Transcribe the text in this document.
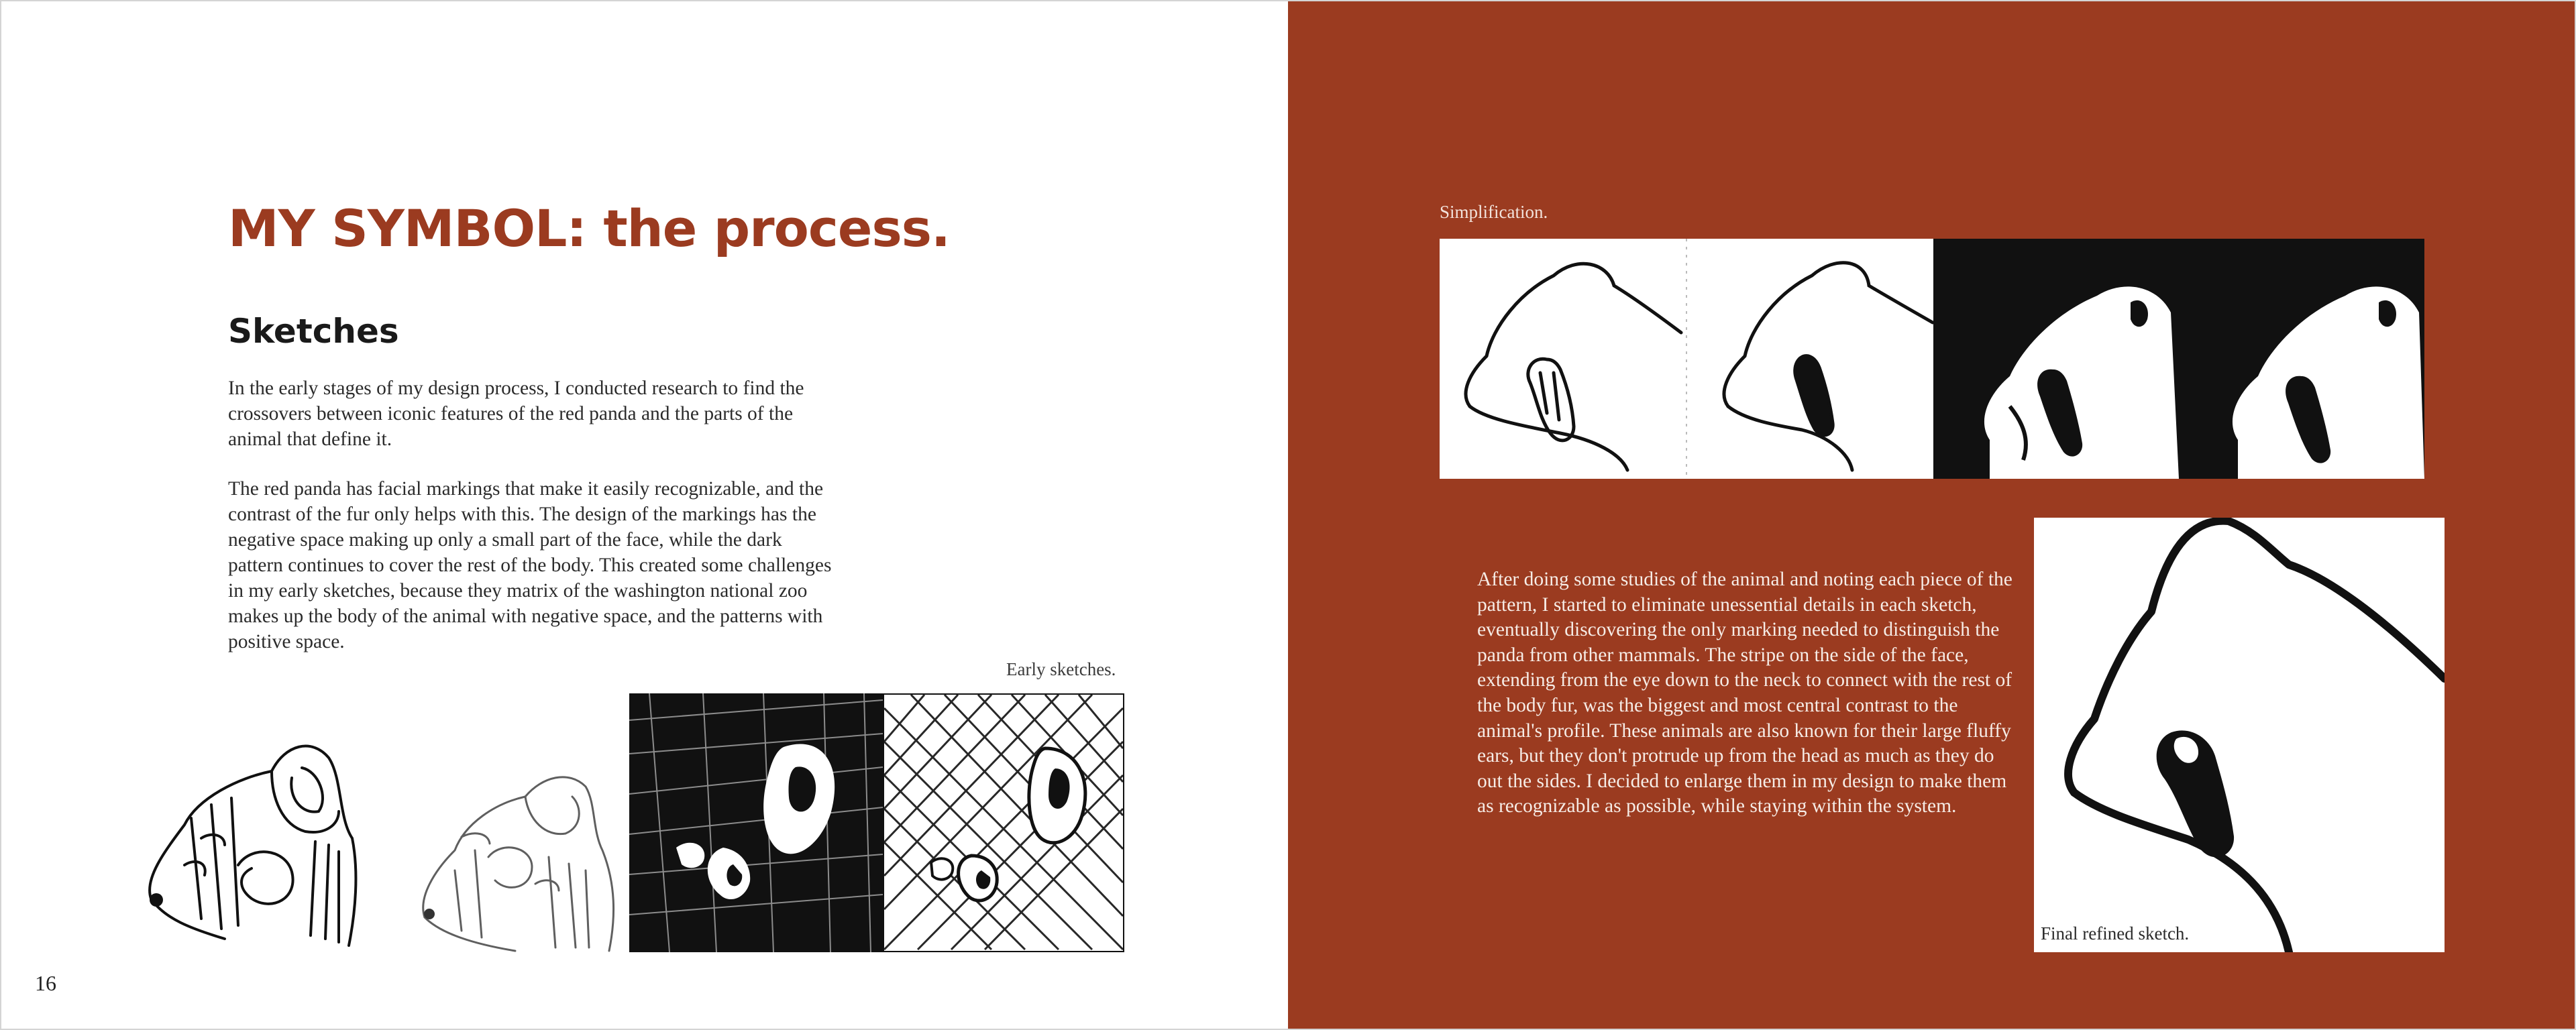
MY SYMBOL: the process.
Sketches

In the early stages of my design process, I conducted research to find the crossovers between iconic features of the red panda and the parts of the animal that define it.

The red panda has facial markings that make it easily recognizable, and the contrast of the fur only helps with this. The design of the markings has the negative space making up only a small part of the face, while the dark pattern continues to cover the rest of the body. This created some challenges in my early sketches, because they matrix of the washington national zoo makes up the body of the animal with negative space, and the patterns with positive space.

Early sketches.
16
Simplification.

After doing some studies of the animal and noting each piece of the pattern, I started to eliminate unessential details in each sketch, eventually discovering the only marking needed to distinguish the panda from other mammals. The stripe on the side of the face, extending from the eye down to the neck to connect with the rest of the body fur, was the biggest and most central contrast to the animal's profile. These animals are also known for their large fluffy ears, but they don't protrude up from the head as much as they do out the sides. I decided to enlarge them in my design to make them as recognizable as possible, while staying within the system.

Final refined sketch.
